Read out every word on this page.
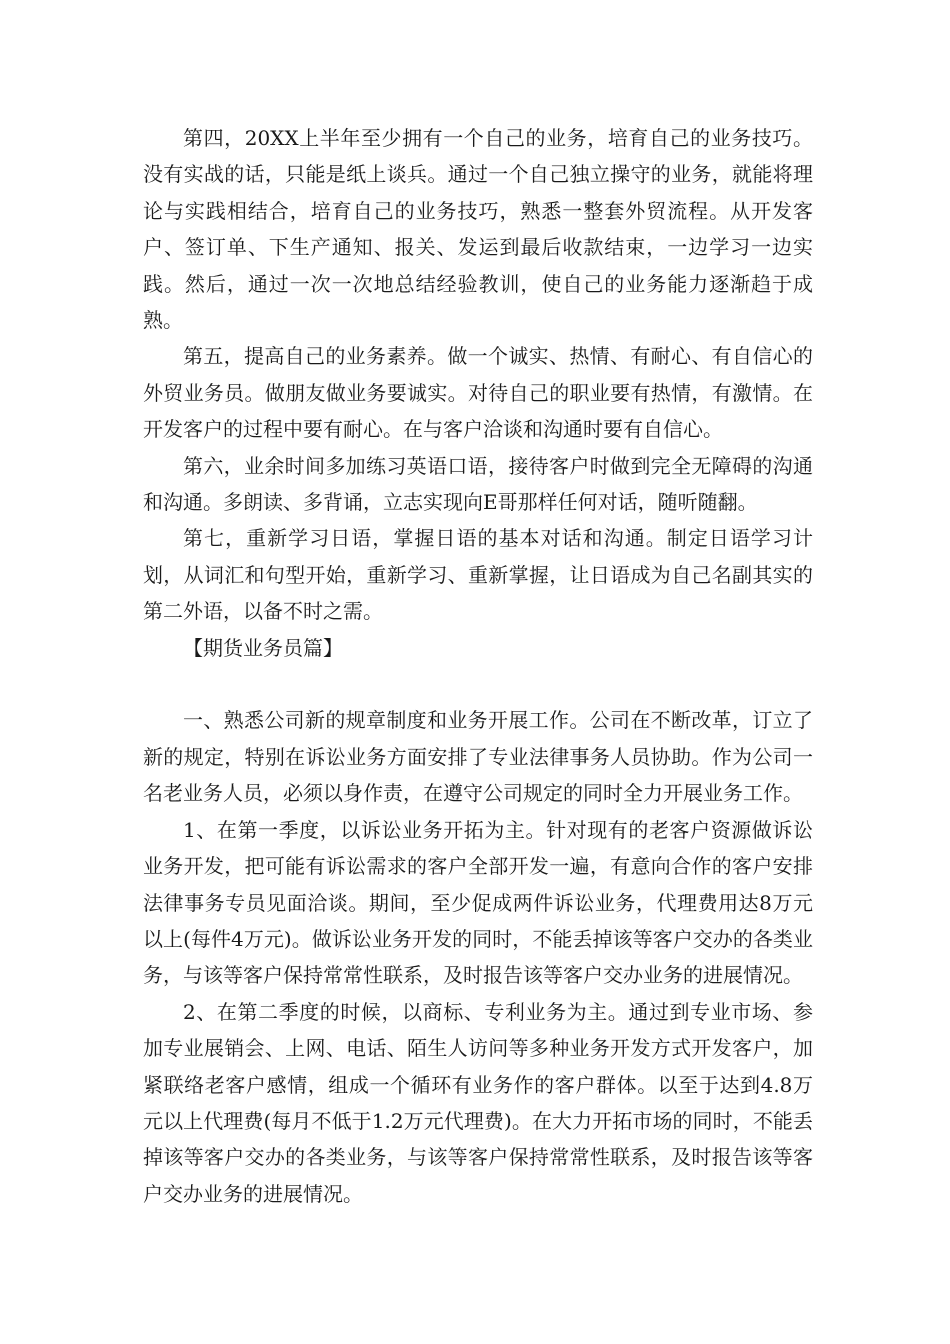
第四，20XX上半年至少拥有一个自己的业务，培育自己的业务技巧。没有实战的话，只能是纸上谈兵。通过一个自己独立操守的业务，就能将理论与实践相结合，培育自己的业务技巧，熟悉一整套外贸流程。从开发客户、签订单、下生产通知、报关、发运到最后收款结束，一边学习一边实践。然后，通过一次一次地总结经验教训，使自己的业务能力逐渐趋于成熟。

第五，提高自己的业务素养。做一个诚实、热情、有耐心、有自信心的外贸业务员。做朋友做业务要诚实。对待自己的职业要有热情，有激情。在开发客户的过程中要有耐心。在与客户洽谈和沟通时要有自信心。

第六，业余时间多加练习英语口语，接待客户时做到完全无障碍的沟通和沟通。多朗读、多背诵，立志实现向E哥那样任何对话，随听随翻。

第七，重新学习日语，掌握日语的基本对话和沟通。制定日语学习计划，从词汇和句型开始，重新学习、重新掌握，让日语成为自己名副其实的第二外语，以备不时之需。

【期货业务员篇】

一、熟悉公司新的规章制度和业务开展工作。公司在不断改革，订立了新的规定，特别在诉讼业务方面安排了专业法律事务人员协助。作为公司一名老业务人员，必须以身作责，在遵守公司规定的同时全力开展业务工作。

1、在第一季度，以诉讼业务开拓为主。针对现有的老客户资源做诉讼业务开发，把可能有诉讼需求的客户全部开发一遍，有意向合作的客户安排法律事务专员见面洽谈。期间，至少促成两件诉讼业务，代理费用达8万元以上(每件4万元)。做诉讼业务开发的同时，不能丢掉该等客户交办的各类业务，与该等客户保持常常性联系，及时报告该等客户交办业务的进展情况。

2、在第二季度的时候，以商标、专利业务为主。通过到专业市场、参加专业展销会、上网、电话、陌生人访问等多种业务开发方式开发客户，加紧联络老客户感情，组成一个循环有业务作的客户群体。以至于达到4.8万元以上代理费(每月不低于1.2万元代理费)。在大力开拓市场的同时，不能丢掉该等客户交办的各类业务，与该等客户保持常常性联系，及时报告该等客户交办业务的进展情况。
